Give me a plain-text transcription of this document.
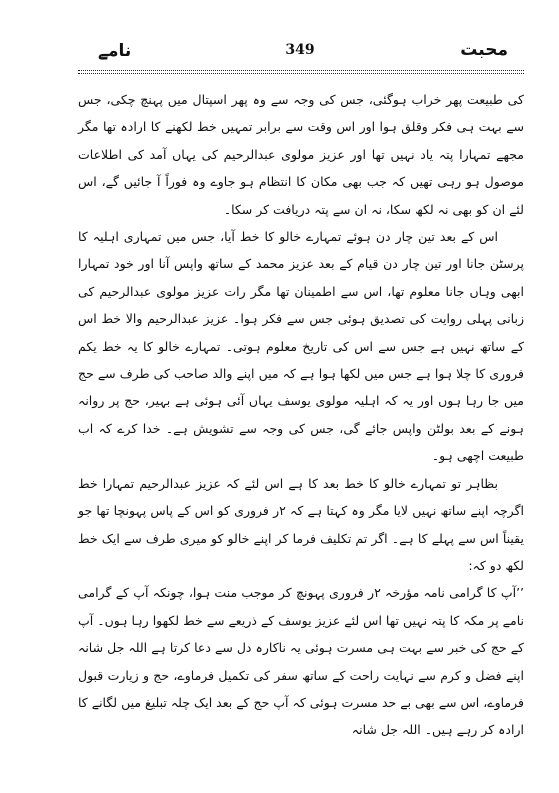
محبت
349
نامے

کی طبیعت پھر خراب ہوگئی، جس کی وجہ سے وہ پھر اسپتال میں پہنچ چکی، جس سے بہت ہی فکر وقلق ہوا اور اس وقت سے برابر تمہیں خط لکھنے کا ارادہ تھا مگر مجھے تمہارا پتہ یاد نہیں تھا اور عزیز مولوی عبدالرحیم کی یہاں آمد کی اطلاعات موصول ہو رہی تھیں کہ جب بھی مکان کا انتظام ہو جاوے وہ فوراً آ جائیں گے، اس لئے ان کو بھی نہ لکھ سکا، نہ ان سے پتہ دریافت کر سکا۔

اس کے بعد تین چار دن ہوئے تمہارے خالو کا خط آیا، جس میں تمہاری اہلیہ کا پرسٹن جانا اور تین چار دن قیام کے بعد عزیز محمد کے ساتھ واپس آنا اور خود تمہارا ابھی وہاں جانا معلوم تھا، اس سے اطمینان تھا مگر رات عزیز مولوی عبدالرحیم کی زبانی پہلی روایت کی تصدیق ہوئی جس سے فکر ہوا۔ عزیز عبدالرحیم والا خط اس کے ساتھ نہیں ہے جس سے اس کی تاریخ معلوم ہوتی۔ تمہارے خالو کا یہ خط یکم فروری کا چلا ہوا ہے جس میں لکھا ہوا ہے کہ میں اپنے والد صاحب کی طرف سے حج میں جا رہا ہوں اور یہ کہ اہلیہ مولوی یوسف یہاں آئی ہوئی ہے بہیر، حج پر روانہ ہونے کے بعد بولٹن واپس جائے گی، جس کی وجہ سے تشویش ہے۔ خدا کرے کہ اب طبیعت اچھی ہو۔

بظاہر تو تمہارے خالو کا خط بعد کا ہے اس لئے کہ عزیز عبدالرحیم تمہارا خط اگرچہ اپنے ساتھ نہیں لایا مگر وہ کہتا ہے کہ ۲ر فروری کو اس کے پاس پہونچا تھا جو یقیناً اس سے پہلے کا ہے۔ اگر تم تکلیف فرما کر اپنے خالو کو میری طرف سے ایک خط لکھ دو کہ:

’’آپ کا گرامی نامہ مؤرخہ ۲ر فروری پہونچ کر موجب منت ہوا، چونکہ آپ کے گرامی نامے پر مکہ کا پتہ نہیں تھا اس لئے عزیز یوسف کے ذریعے سے خط لکھوا رہا ہوں۔ آپ کے حج کی خبر سے بہت ہی مسرت ہوئی یہ ناکارہ دل سے دعا کرتا ہے اللہ جل شانہ اپنے فضل و کرم سے نہایت راحت کے ساتھ سفر کی تکمیل فرماوے، حج و زیارت قبول فرماوے، اس سے بھی بے حد مسرت ہوئی کہ آپ حج کے بعد ایک چلہ تبلیغ میں لگانے کا ارادہ کر رہے ہیں۔ اللہ جل شانہ
